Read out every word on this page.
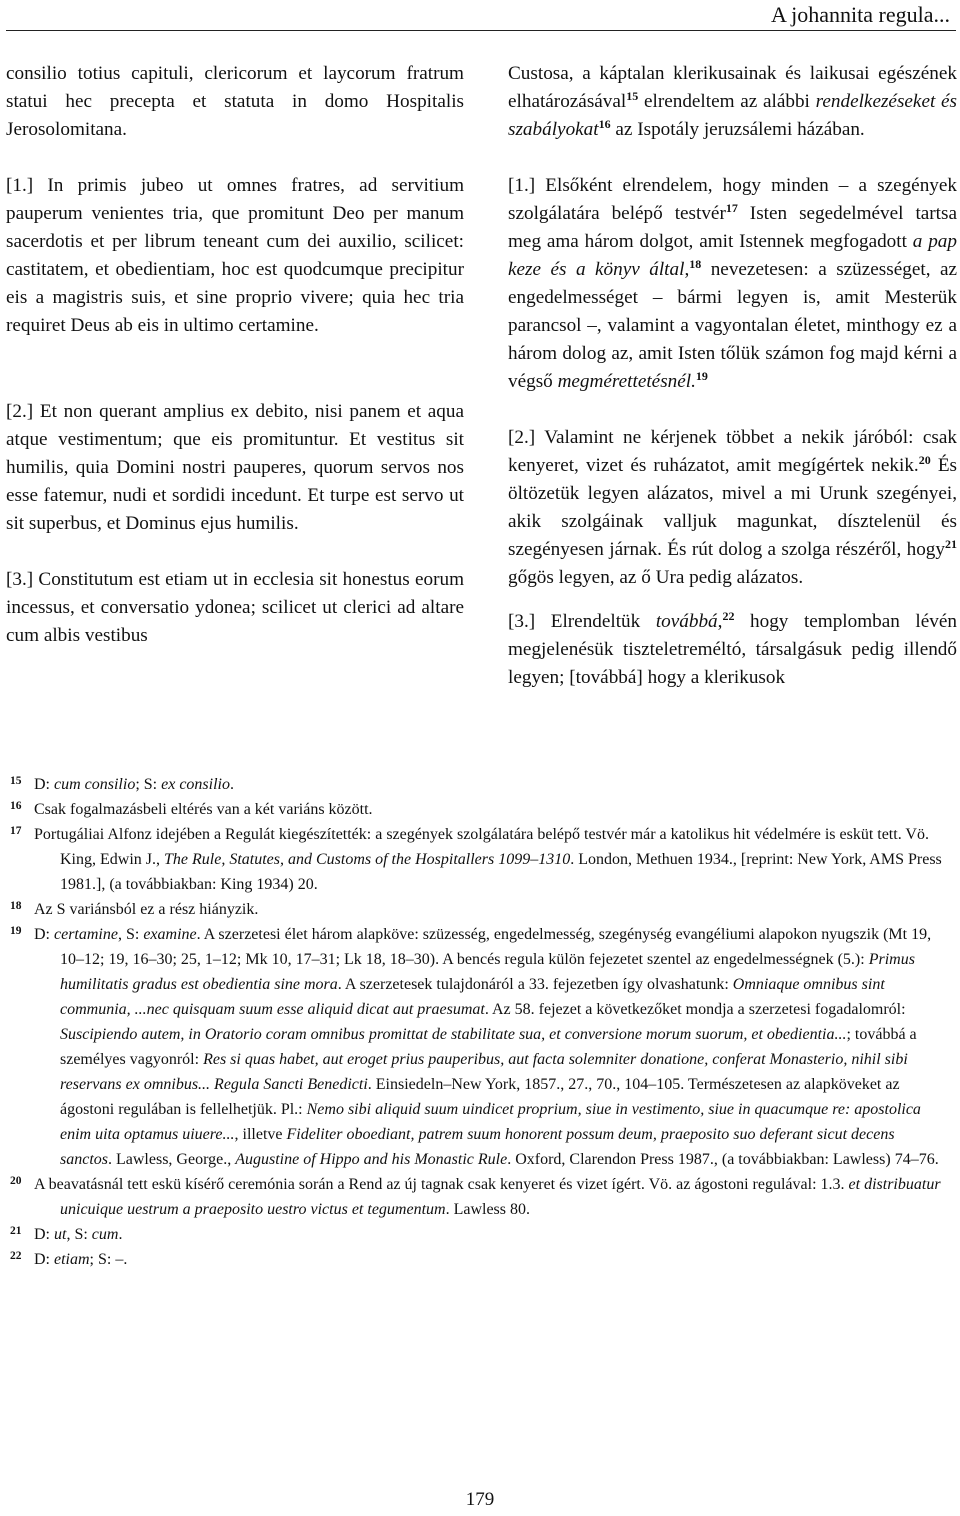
A johannita regula...

consilio totius capituli, clericorum et laycorum fratrum statui hec precepta et statuta in domo Hospitalis Jerosolomitana.

[1.] In primis jubeo ut omnes fratres, ad servitium pauperum venientes tria, que promitunt Deo per manum sacerdotis et per librum teneant cum dei auxilio, scilicet: castitatem, et obedientiam, hoc est quodcumque precipitur eis a magistris suis, et sine proprio vivere; quia hec tria requiret Deus ab eis in ultimo certamine.

[2.] Et non querant amplius ex debito, nisi panem et aqua atque vestimentum; que eis promituntur. Et vestitus sit humilis, quia Domini nostri pauperes, quorum servos nos esse fatemur, nudi et sordidi incedunt. Et turpe est servo ut sit superbus, et Dominus ejus humilis.

[3.] Constitutum est etiam ut in ecclesia sit honestus eorum incessus, et conversatio ydonea; scilicet ut clerici ad altare cum albis vestibus

Custosa, a káptalan klerikusainak és laikusai egészének elhatározásával$^{15}$ elrendeltem az alábbi rendelkezéseket és szabályokat$^{16}$ az Ispotály jeruzsálemi házában.

[1.] Elsőként elrendelem, hogy minden – a szegények szolgálatára belépő testvér$^{17}$ Isten segedelmével tartsa meg ama három dolgot, amit Istennek megfogadott a pap keze és a könyv által,$^{18}$ nevezetesen: a szüzességet, az engedelmességet – bármi legyen is, amit Mesterük parancsol –, valamint a vagyontalan életet, minthogy ez a három dolog az, amit Isten tőlük számon fog majd kérni a végső megmérettetésnél.$^{19}$

[2.] Valamint ne kérjenek többet a nekik járóból: csak kenyeret, vizet és ruházatot, amit megígértek nekik.$^{20}$ És öltözetük legyen alázatos, mivel a mi Urunk szegényei, akik szolgáinak valljuk magunkat, dísztelenül és szegényesen járnak. És rút dolog a szolga részéről, hogy$^{21}$ gőgös legyen, az ő Ura pedig alázatos.

[3.] Elrendeltük továbbá,$^{22}$ hogy templomban lévén megjelenésük tiszteletreméltó, társalgásuk pedig illendő legyen; [továbbá] hogy a klerikusok

15 D: cum consilio; S: ex consilio.

16 Csak fogalmazásbeli eltérés van a két variáns között.

17 Portugáliai Alfonz idejében a Regulát kiegészítették: a szegények szolgálatára belépő testvér már a katolikus hit védelmére is esküt tett. Vö. King, Edwin J., The Rule, Statutes, and Customs of the Hospitallers 1099–1310. London, Methuen 1934., [reprint: New York, AMS Press 1981.], (a továbbiakban: King 1934) 20.

18 Az S variánsból ez a rész hiányzik.

19 D: certamine, S: examine. A szerzetesi élet három alapköve: szüzesség, engedelmesség, szegénység evangéliumi alapokon nyugszik (Mt 19, 10–12; 19, 16–30; 25, 1–12; Mk 10, 17–31; Lk 18, 18–30). A bencés regula külön fejezetet szentel az engedelmességnek (5.): Primus humilitatis gradus est obedientia sine mora. A szerzetesek tulajdonáról a 33. fejezetben így olvashatunk: Omniaque omnibus sint communia, ...nec quisquam suum esse aliquid dicat aut praesumat. Az 58. fejezet a következőket mondja a szerzetesi fogadalomról: Suscipiendo autem, in Oratorio coram omnibus promittat de stabilitate sua, et conversione morum suorum, et obedientia...; továbbá a személyes vagyonról: Res si quas habet, aut eroget prius pauperibus, aut facta solemniter donatione, conferat Monasterio, nihil sibi reservans ex omnibus... Regula Sancti Benedicti. Einsiedeln–New York, 1857., 27., 70., 104–105. Természetesen az alapköveket az ágostoni regulában is fellelhetjük. Pl.: Nemo sibi aliquid suum uindicet proprium, siue in vestimento, siue in quacumque re: apostolica enim uita optamus uiuere..., illetve Fideliter oboediant, patrem suum honorent possum deum, praeposito suo deferant sicut decens sanctos. Lawless, George., Augustine of Hippo and his Monastic Rule. Oxford, Clarendon Press 1987., (a továbbiakban: Lawless) 74–76.

20 A beavatásnál tett eskü kísérő ceremónia során a Rend az új tagnak csak kenyeret és vizet ígért. Vö. az ágostoni regulával: 1.3. et distribuatur unicuique uestrum a praeposito uestro victus et tegumentum. Lawless 80.

21 D: ut, S: cum.

22 D: etiam; S: –.

179
